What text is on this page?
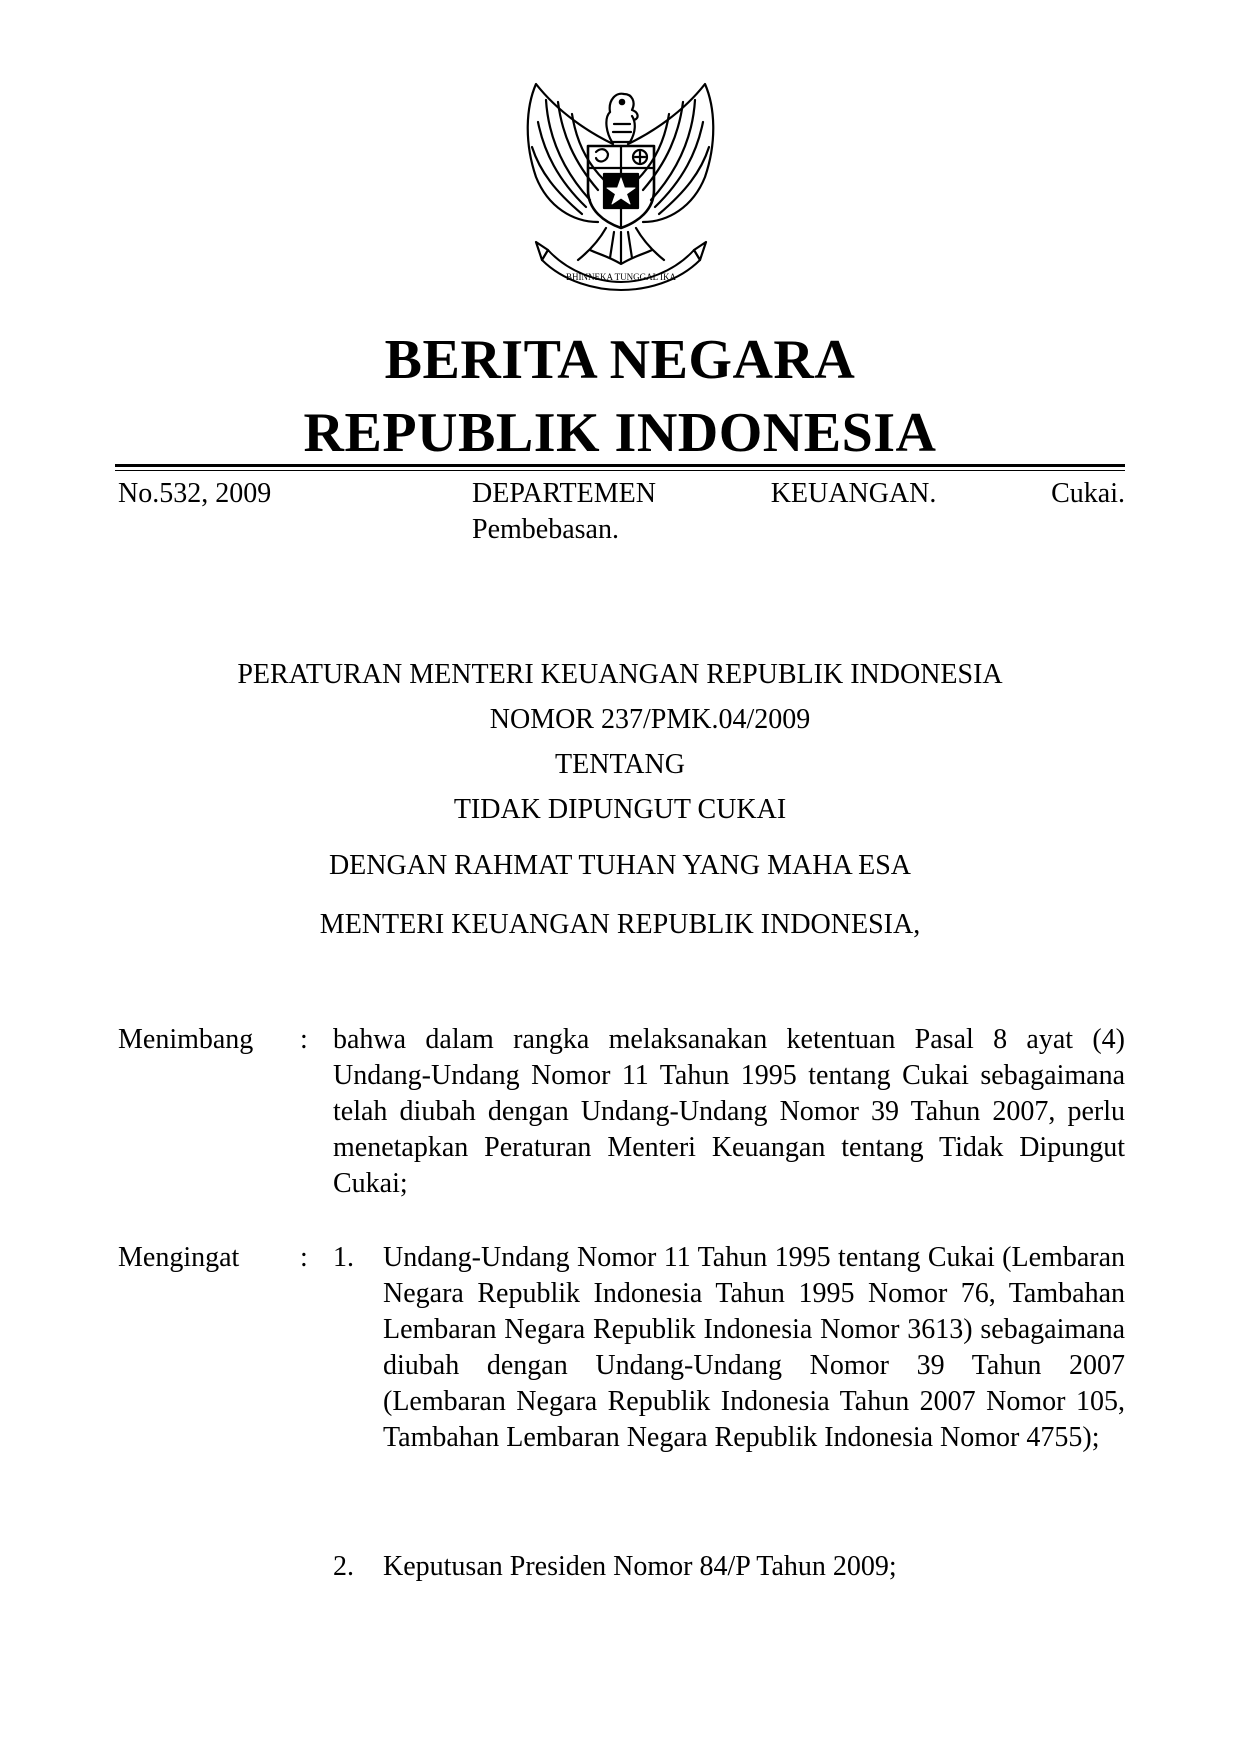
BHINNEKA TUNGGAL IKA
BERITA NEGARA
REPUBLIK INDONESIA
No.532, 2009	DEPARTEMEN	KEUANGAN.	Cukai.
Pembebasan.
PERATURAN MENTERI KEUANGAN REPUBLIK INDONESIA
NOMOR 237/PMK.04/2009
TENTANG
TIDAK DIPUNGUT CUKAI
DENGAN RAHMAT TUHAN YANG MAHA ESA
MENTERI KEUANGAN REPUBLIK INDONESIA,
Menimbang : bahwa dalam rangka melaksanakan ketentuan Pasal 8 ayat (4) Undang-Undang Nomor 11 Tahun 1995 tentang Cukai sebagaimana telah diubah dengan Undang-Undang Nomor 39 Tahun 2007, perlu menetapkan Peraturan Menteri Keuangan tentang Tidak Dipungut Cukai;
Mengingat : 1. Undang-Undang Nomor 11 Tahun 1995 tentang Cukai (Lembaran Negara Republik Indonesia Tahun 1995 Nomor 76, Tambahan Lembaran Negara Republik Indonesia Nomor 3613) sebagaimana diubah dengan Undang-Undang Nomor 39 Tahun 2007 (Lembaran Negara Republik Indonesia Tahun 2007 Nomor 105, Tambahan Lembaran Negara Republik Indonesia Nomor 4755);
2. Keputusan Presiden Nomor 84/P Tahun 2009;
